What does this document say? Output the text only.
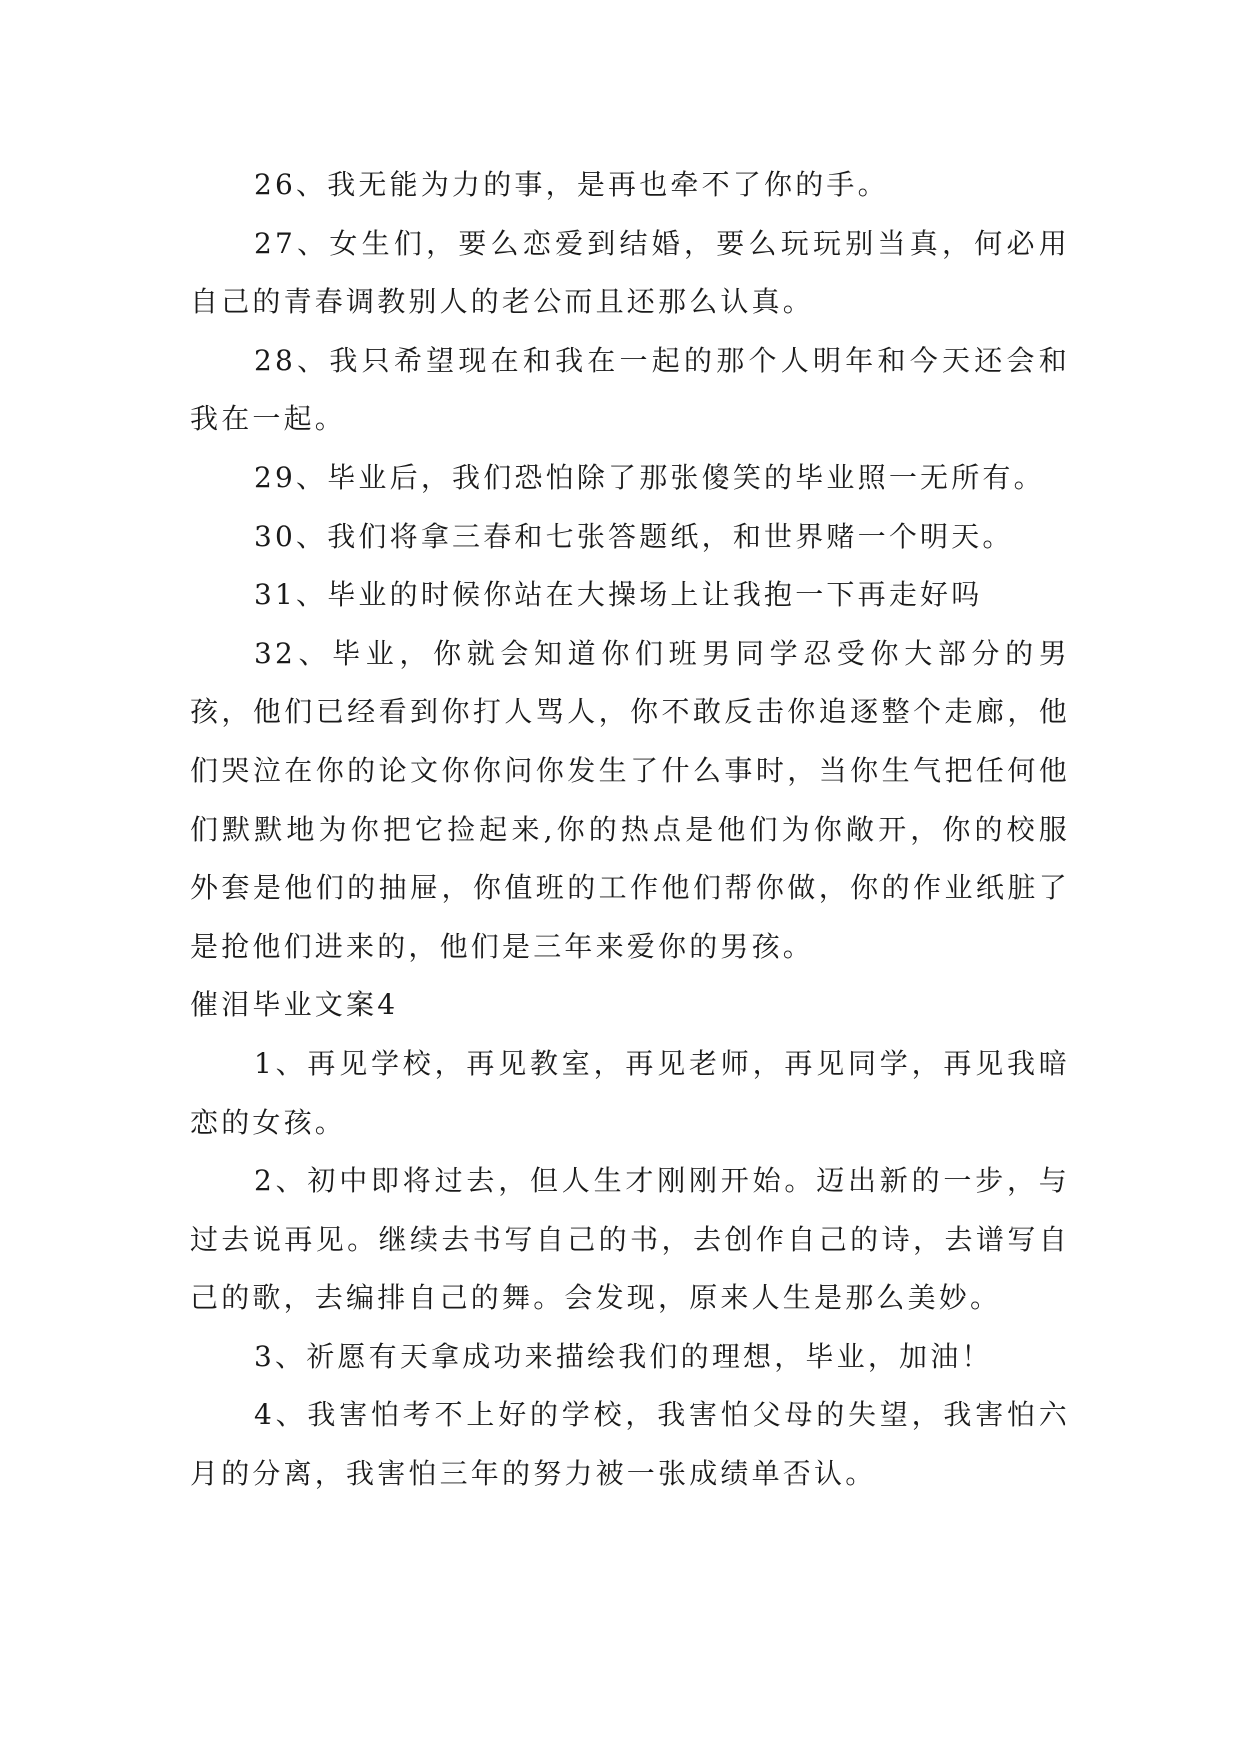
26、我无能为力的事，是再也牵不了你的手。

27、女生们，要么恋爱到结婚，要么玩玩别当真，何必用自己的青春调教别人的老公而且还那么认真。

28、我只希望现在和我在一起的那个人明年和今天还会和我在一起。

29、毕业后，我们恐怕除了那张傻笑的毕业照一无所有。

30、我们将拿三春和七张答题纸，和世界赌一个明天。

31、毕业的时候你站在大操场上让我抱一下再走好吗

32、毕业，你就会知道你们班男同学忍受你大部分的男孩，他们已经看到你打人骂人，你不敢反击你追逐整个走廊，他们哭泣在你的论文你你问你发生了什么事时，当你生气把任何他们默默地为你把它捡起来,你的热点是他们为你敞开，你的校服外套是他们的抽屉，你值班的工作他们帮你做，你的作业纸脏了是抢他们进来的，他们是三年来爱你的男孩。

催泪毕业文案4

1、再见学校，再见教室，再见老师，再见同学，再见我暗恋的女孩。

2、初中即将过去，但人生才刚刚开始。迈出新的一步，与过去说再见。继续去书写自己的书，去创作自己的诗，去谱写自己的歌，去编排自己的舞。会发现，原来人生是那么美妙。

3、祈愿有天拿成功来描绘我们的理想，毕业，加油！

4、我害怕考不上好的学校，我害怕父母的失望，我害怕六月的分离，我害怕三年的努力被一张成绩单否认。
